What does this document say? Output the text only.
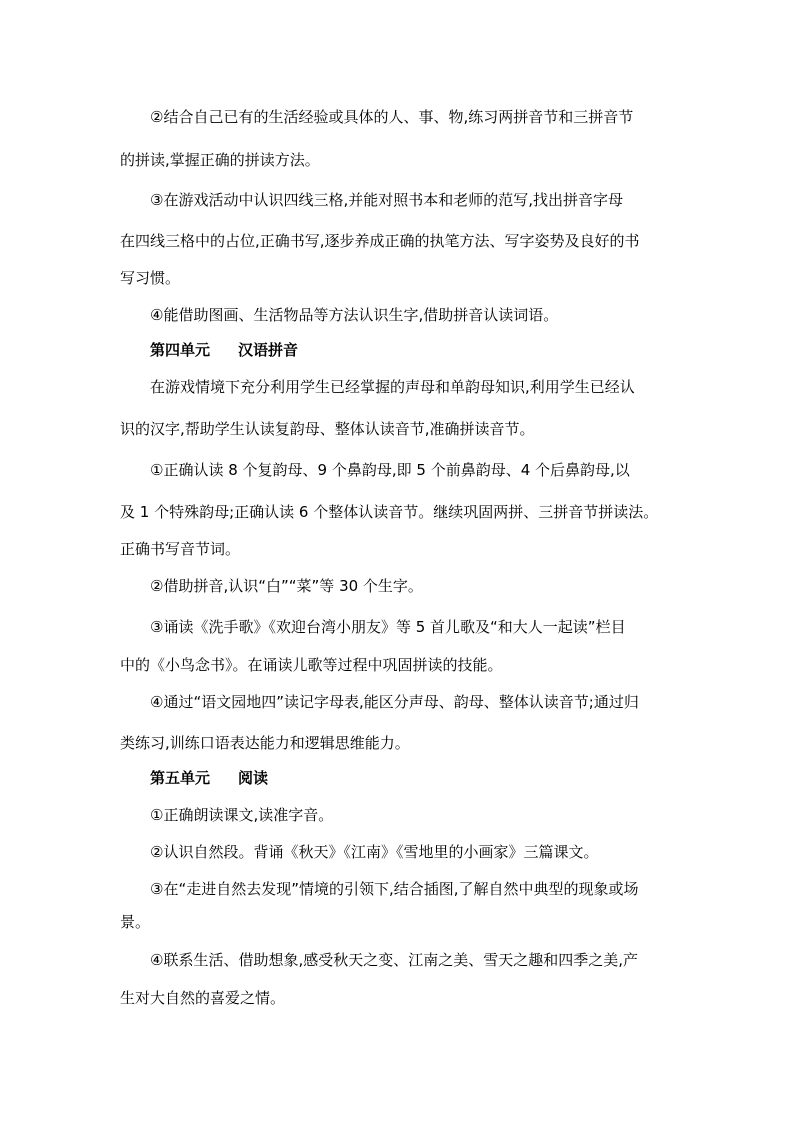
②结合自己已有的生活经验或具体的人、事、物,练习两拼音节和三拼音节
的拼读,掌握正确的拼读方法。
③在游戏活动中认识四线三格,并能对照书本和老师的范写,找出拼音字母
在四线三格中的占位,正确书写,逐步养成正确的执笔方法、写字姿势及良好的书
写习惯。
④能借助图画、生活物品等方法认识生字,借助拼音认读词语。
第四单元 汉语拼音
在游戏情境下充分利用学生已经掌握的声母和单韵母知识,利用学生已经认
识的汉字,帮助学生认读复韵母、整体认读音节,准确拼读音节。
①正确认读 8 个复韵母、9 个鼻韵母,即 5 个前鼻韵母、4 个后鼻韵母,以
及 1 个特殊韵母;正确认读 6 个整体认读音节。继续巩固两拼、三拼音节拼读法。
正确书写音节词。
②借助拼音,认识“白”“菜”等 30 个生字。
③诵读《洗手歌》《欢迎台湾小朋友》等 5 首儿歌及“和大人一起读”栏目
中的《小鸟念书》。在诵读儿歌等过程中巩固拼读的技能。
④通过“语文园地四”读记字母表,能区分声母、韵母、整体认读音节;通过归
类练习,训练口语表达能力和逻辑思维能力。
第五单元 阅读
①正确朗读课文,读准字音。
②认识自然段。背诵《秋天》《江南》《雪地里的小画家》三篇课文。
③在“走进自然去发现”情境的引领下,结合插图,了解自然中典型的现象或场
景。
④联系生活、借助想象,感受秋天之变、江南之美、雪天之趣和四季之美,产
生对大自然的喜爱之情。
